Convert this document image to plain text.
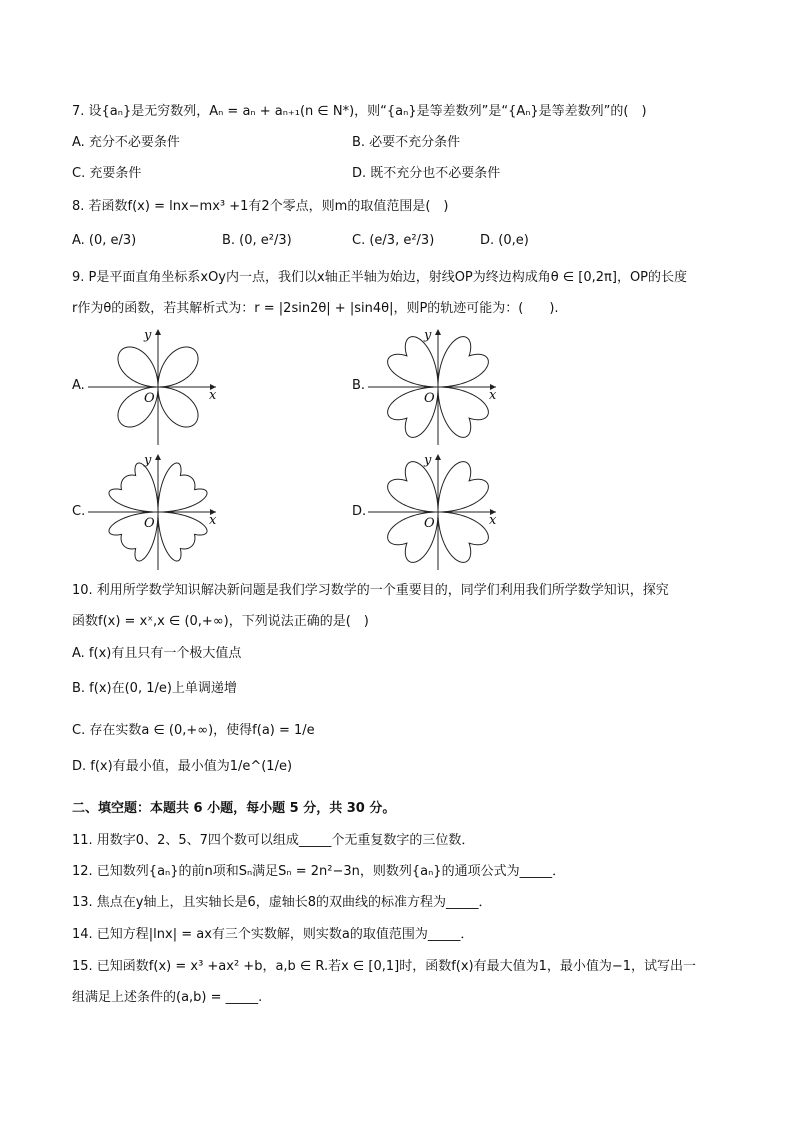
7. 设{aₙ}是无穷数列，Aₙ = aₙ + aₙ₊₁(n ∈ N*)，则“{aₙ}是等差数列”是“{Aₙ}是等差数列”的(　)
A. 充分不必要条件	B. 必要不充分条件
C. 充要条件	D. 既不充分也不必要条件
8. 若函数f(x) = lnx−mx³ +1有2个零点，则m的取值范围是(　)
A. (0, e/3)	B. (0, e²/3)	C. (e/3, e²/3)	D. (0,e)
9. P是平面直角坐标系xOy内一点，我们以x轴正半轴为始边，射线OP为终边构成角θ ∈ [0,2π]，OP的长度
r作为θ的函数，若其解析式为：r = |2sin2θ| + |sin4θ|，则P的轨迹可能为：(　　).
A.	B.
C.	D.
x
y
O	x
y
O
x
y
O	x
y
O
10. 利用所学数学知识解决新问题是我们学习数学的一个重要目的，同学们利用我们所学数学知识，探究
函数f(x) = xˣ,x ∈ (0,+∞)，下列说法正确的是(　)
A. f(x)有且只有一个极大值点
B. f(x)在(0, 1/e)上单调递增
C. 存在实数a ∈ (0,+∞)，使得f(a) = 1/e
D. f(x)有最小值，最小值为1/e^(1/e)
二、填空题：本题共 6 小题，每小题 5 分，共 30 分。
11. 用数字0、2、5、7四个数可以组成_____个无重复数字的三位数．
12. 已知数列{aₙ}的前n项和Sₙ满足Sₙ = 2n²−3n，则数列{aₙ}的通项公式为_____．
13. 焦点在y轴上，且实轴长是6，虚轴长8的双曲线的标准方程为_____．
14. 已知方程|lnx| = ax有三个实数解，则实数a的取值范围为_____．
15. 已知函数f(x) = x³ +ax² +b，a,b ∈ R.若x ∈ [0,1]时，函数f(x)有最大值为1，最小值为−1，试写出一
组满足上述条件的(a,b) = _____.
